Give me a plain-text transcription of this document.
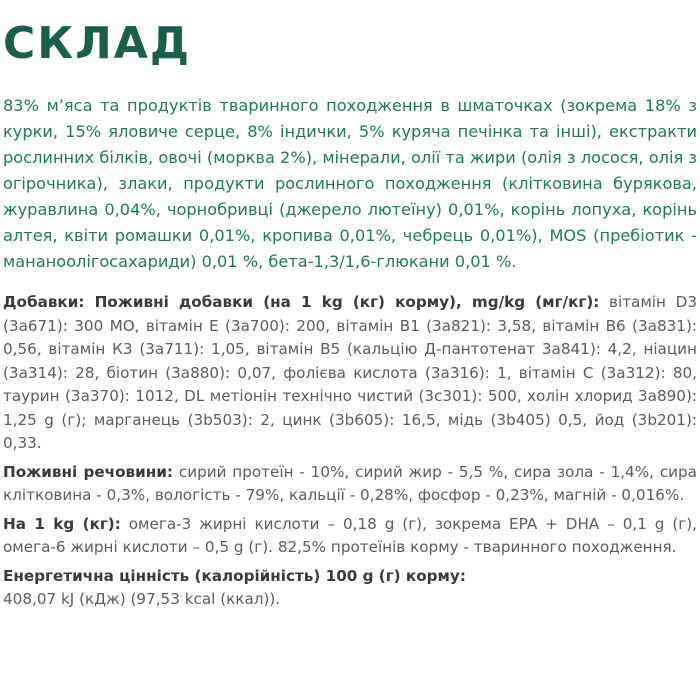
СКЛАД

83% м’яса та продуктів тваринного походження в шматочках (зокрема 18% з курки, 15% яловиче серце, 8% індички, 5% куряча печінка та інші), екстракти рослинних білків, овочі (морква 2%), мінерали, олії та жири (олія з лосося, олія з огірочника), злаки, продукти рослинного походження (клітковина бурякова, журавлина 0,04%, чорнобривці (джерело лютеїну) 0,01%, корінь лопуха, корінь алтея, квіти ромашки 0,01%, кропива 0,01%, чебрець 0,01%), MOS (пребіотик - мананоолігосахариди) 0,01 %, бета-1,3/1,6-глюкани 0,01 %.

Добавки: Поживні добавки (на 1 kg (кг) корму), mg/kg (мг/кг): вітамін D3 (3a671): 300 МО, вітамін Е (3a700): 200, вітамін В1 (3a821): 3,58, вітамін В6 (3a831): 0,56, вітамін К3 (3a711): 1,05, вітамін В5 (кальцію Д-пантотенат 3a841): 4,2, ніацин (3a314): 28, біотин (3a880): 0,07, фолієва кислота (3a316): 1, вітамін С (3a312): 80, таурин (3a370): 1012, DL метіонін технічно чистий (3c301): 500, холін хлорид 3a890): 1,25 g (г); марганець (3b503): 2, цинк (3b605): 16,5, мідь (3b405) 0,5, йод (3b201): 0,33.

Поживні речовини: сирий протеїн - 10%, сирий жир - 5,5 %, сира зола - 1,4%, сира клітковина - 0,3%, вологість - 79%, кальції - 0,28%, фосфор - 0,23%, магній - 0,016%.

На 1 kg (кг): омега-3 жирні кислоти – 0,18 g (г), зокрема EPA + DHA – 0,1 g (г), омега-6 жирні кислоти – 0,5 g (г). 82,5% протеїнів корму - тваринного походження.

Енергетична цінність (калорійність) 100 g (г) корму:
408,07 kJ (кДж) (97,53 kcal (ккал)).
